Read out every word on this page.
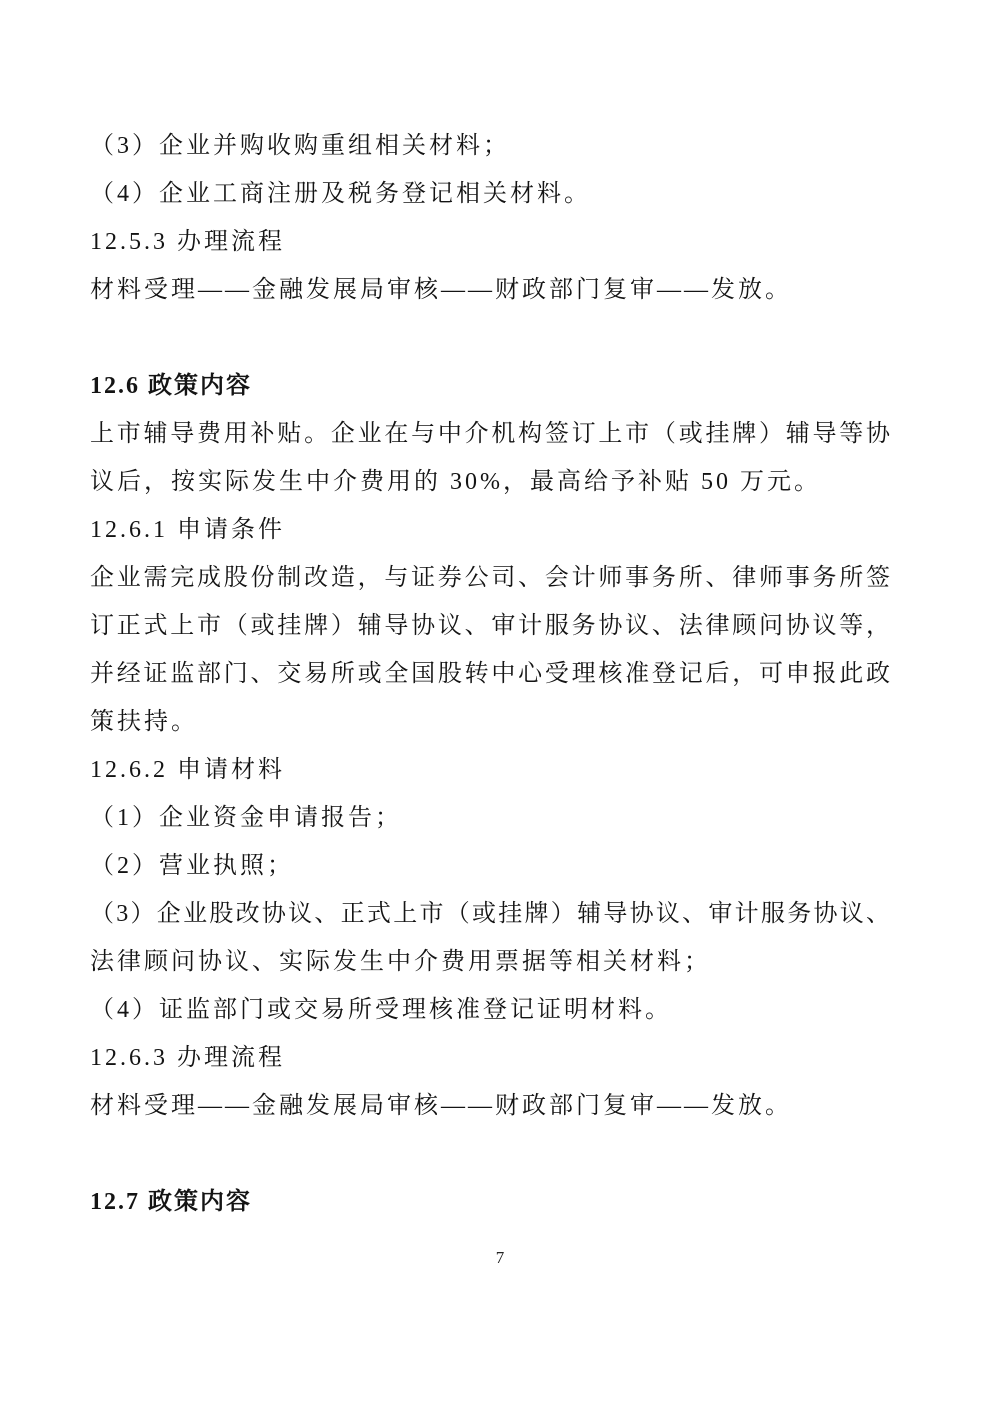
（3）企业并购收购重组相关材料；
（4）企业工商注册及税务登记相关材料。
12.5.3 办理流程
材料受理——金融发展局审核——财政部门复审——发放。
12.6 政策内容
上市辅导费用补贴。企业在与中介机构签订上市（或挂牌）辅导等协
议后，按实际发生中介费用的 30%，最高给予补贴 50 万元。
12.6.1 申请条件
企业需完成股份制改造，与证券公司、会计师事务所、律师事务所签
订正式上市（或挂牌）辅导协议、审计服务协议、法律顾问协议等，
并经证监部门、交易所或全国股转中心受理核准登记后，可申报此政
策扶持。
12.6.2 申请材料
（1）企业资金申请报告；
（2）营业执照；
（3）企业股改协议、正式上市（或挂牌）辅导协议、审计服务协议、
法律顾问协议、实际发生中介费用票据等相关材料；
（4）证监部门或交易所受理核准登记证明材料。
12.6.3 办理流程
材料受理——金融发展局审核——财政部门复审——发放。
12.7 政策内容
7
